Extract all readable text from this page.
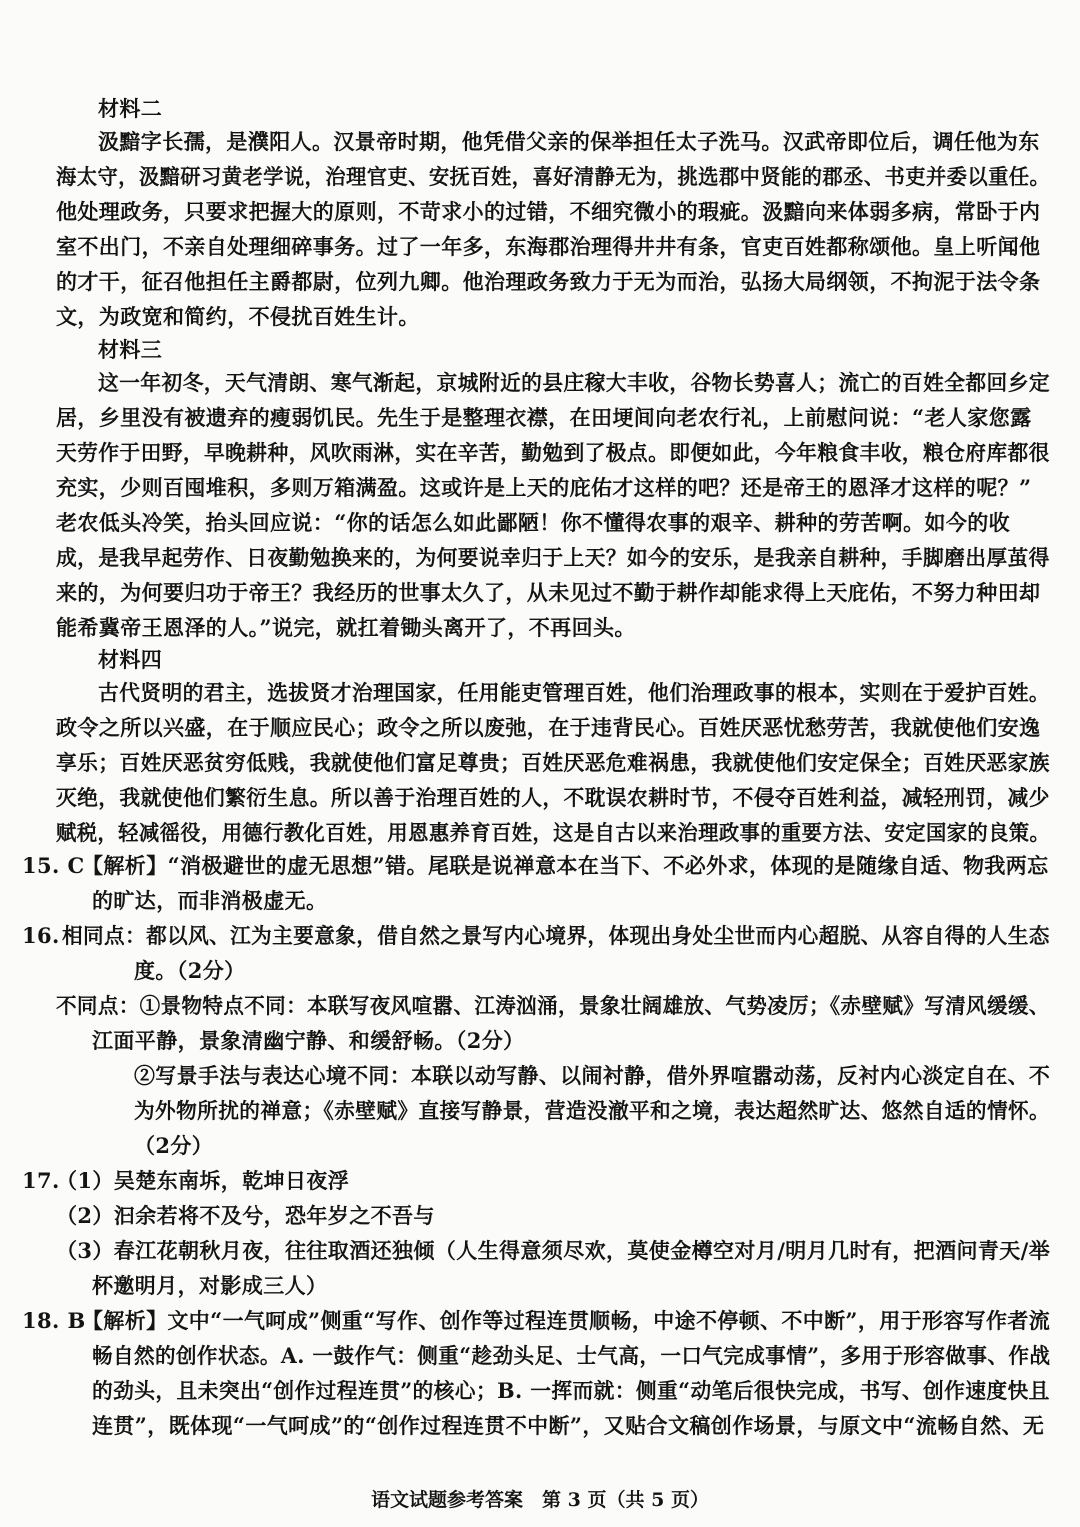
材料二
汲黯字长孺，是濮阳人。汉景帝时期，他凭借父亲的保举担任太子洗马。汉武帝即位后，调任他为东
海太守，汲黯研习黄老学说，治理官吏、安抚百姓，喜好清静无为，挑选郡中贤能的郡丞、书吏并委以重任。
他处理政务，只要求把握大的原则，不苛求小的过错，不细究微小的瑕疵。汲黯向来体弱多病，常卧于内
室不出门，不亲自处理细碎事务。过了一年多，东海郡治理得井井有条，官吏百姓都称颂他。皇上听闻他
的才干，征召他担任主爵都尉，位列九卿。他治理政务致力于无为而治，弘扬大局纲领，不拘泥于法令条
文，为政宽和简约，不侵扰百姓生计。
材料三
这一年初冬，天气清朗、寒气渐起，京城附近的县庄稼大丰收，谷物长势喜人；流亡的百姓全都回乡定
居，乡里没有被遗弃的瘦弱饥民。先生于是整理衣襟，在田埂间向老农行礼，上前慰问说：“老人家您露
天劳作于田野，早晚耕种，风吹雨淋，实在辛苦，勤勉到了极点。即便如此，今年粮食丰收，粮仓府库都很
充实，少则百囤堆积，多则万箱满盈。这或许是上天的庇佑才这样的吧？还是帝王的恩泽才这样的呢？”
老农低头冷笑，抬头回应说：“你的话怎么如此鄙陋！你不懂得农事的艰辛、耕种的劳苦啊。如今的收
成，是我早起劳作、日夜勤勉换来的，为何要说幸归于上天？如今的安乐，是我亲自耕种，手脚磨出厚茧得
来的，为何要归功于帝王？我经历的世事太久了，从未见过不勤于耕作却能求得上天庇佑，不努力种田却
能希冀帝王恩泽的人。”说完，就扛着锄头离开了，不再回头。
材料四
古代贤明的君主，选拔贤才治理国家，任用能吏管理百姓，他们治理政事的根本，实则在于爱护百姓。
政令之所以兴盛，在于顺应民心；政令之所以废弛，在于违背民心。百姓厌恶忧愁劳苦，我就使他们安逸
享乐；百姓厌恶贫穷低贱，我就使他们富足尊贵；百姓厌恶危难祸患，我就使他们安定保全；百姓厌恶家族
灭绝，我就使他们繁衍生息。所以善于治理百姓的人，不耽误农耕时节，不侵夺百姓利益，减轻刑罚，减少
赋税，轻减徭役，用德行教化百姓，用恩惠养育百姓，这是自古以来治理政事的重要方法、安定国家的良策。
15. C
【解析】“消极避世的虚无思想”错。尾联是说禅意本在当下、不必外求，体现的是随缘自适、物我两忘
的旷达，而非消极虚无。
16. 相同点：都以风、江为主要意象，借自然之景写内心境界，体现出身处尘世而内心超脱、从容自得的人生态
度。（2分）
不同点：①景物特点不同：本联写夜风喧嚣、江涛汹涌，景象壮阔雄放、气势凌厉；《赤壁赋》写清风缓缓、
江面平静，景象清幽宁静、和缓舒畅。（2分）
②写景手法与表达心境不同：本联以动写静、以闹衬静，借外界喧嚣动荡，反衬内心淡定自在、不
为外物所扰的禅意；《赤壁赋》直接写静景，营造没澈平和之境，表达超然旷达、悠然自适的情怀。
（2分）
17.
（1）吴楚东南坼，乾坤日夜浮
（2）汩余若将不及兮，恐年岁之不吾与
（3）春江花朝秋月夜，往往取酒还独倾（人生得意须尽欢，莫使金樽空对月/明月几时有，把酒问青天/举
杯邀明月，对影成三人）
18. B
【解析】文中“一气呵成”侧重“写作、创作等过程连贯顺畅，中途不停顿、不中断”，用于形容写作者流
畅自然的创作状态。A. 一鼓作气：侧重“趁劲头足、士气高，一口气完成事情”，多用于形容做事、作战
的劲头，且未突出“创作过程连贯”的核心；B. 一挥而就：侧重“动笔后很快完成，书写、创作速度快且
连贯”，既体现“一气呵成”的“创作过程连贯不中断”，又贴合文稿创作场景，与原文中“流畅自然、无
语文试题参考答案　第 3 页（共 5 页）
